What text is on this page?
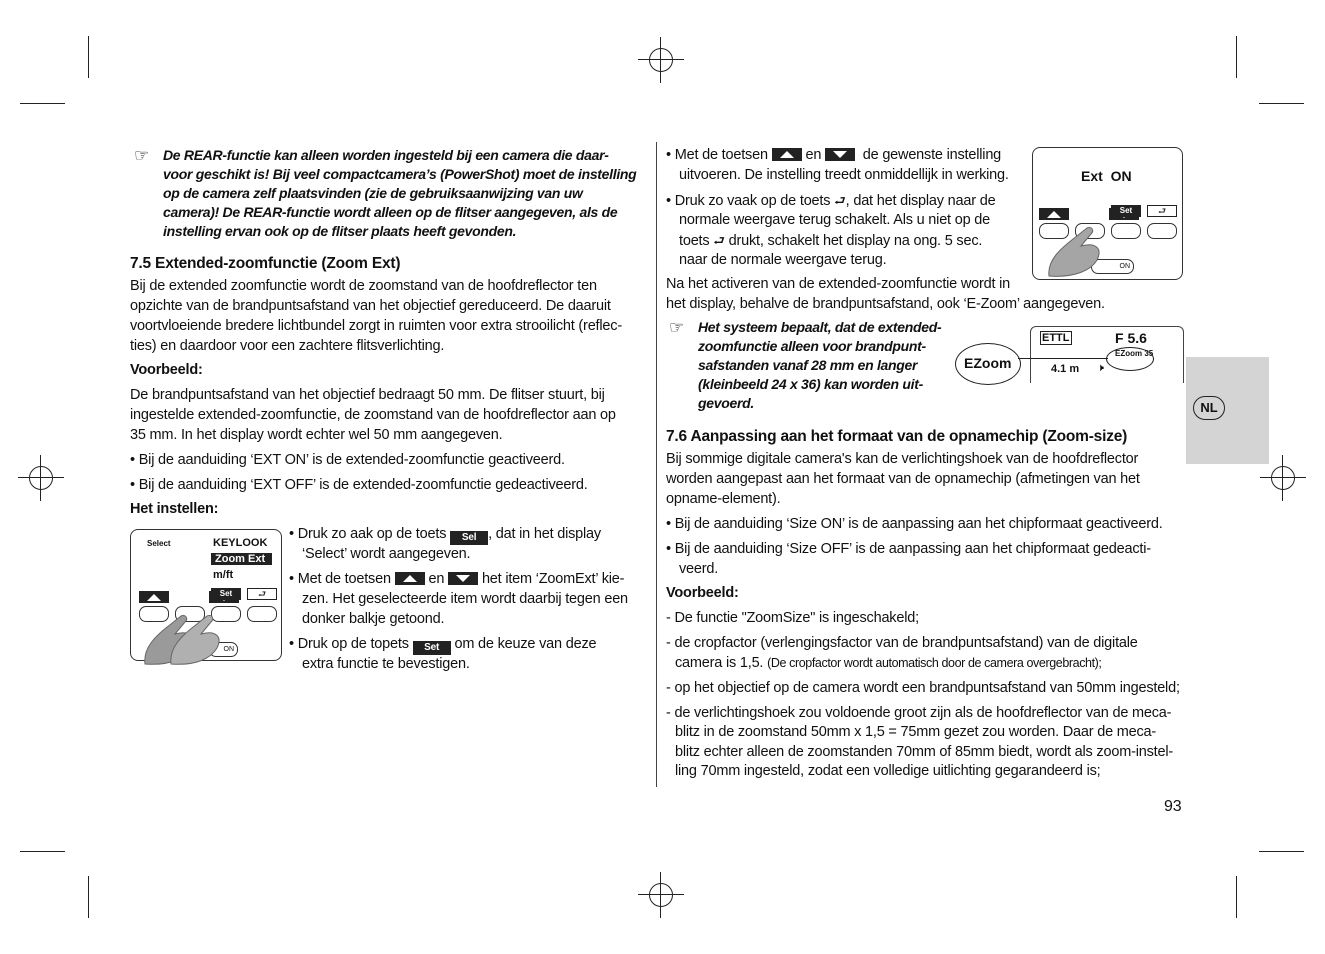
☞ De REAR-functie kan alleen worden ingesteld bij een camera die daar-
voor geschikt is! Bij veel compactcamera’s (PowerShot) moet de instelling
op de camera zelf plaatsvinden (zie de gebruiksaanwijzing van uw
camera)! De REAR-functie wordt alleen op de flitser aangegeven, als de
instelling ervan ook op de flitser plaats heeft gevonden.
7.5 Extended-zoomfunctie (Zoom Ext)
Bij de extended zoomfunctie wordt de zoomstand van de hoofdreflector ten
opzichte van de brandpuntsafstand van het objectief gereduceerd. De daaruit
voortvloeiende bredere lichtbundel zorgt in ruimten voor extra strooilicht (reflec-
ties) en daardoor voor een zachtere flitsverlichting.
Voorbeeld:
De brandpuntsafstand van het objectief bedraagt 50 mm. De flitser stuurt, bij
ingestelde extended-zoomfunctie, de zoomstand van de hoofdreflector aan op
35 mm. In het display wordt echter wel 50 mm aangegeven.
• Bij de aanduiding ‘EXT ON’ is de extended-zoomfunctie geactiveerd.
• Bij de aanduiding ‘EXT OFF’ is de extended-zoomfunctie gedeactiveerd.
Het instellen:
Select	KEYLOOK
Zoom Ext
m/ft

Set	⮐
ON
• Druk zo aak op de toets Sel , dat in het display
‘Select’ wordt aangegeven.
• Met de toetsen	en	het item ‘ZoomExt’ kie-
zen. Het geselecteerde item wordt daarbij tegen een
donker balkje getoond.
• Druk op de topets Set om de keuze van deze
extra functie te bevestigen.
• Met de toetsen	en	de gewenste instelling
uitvoeren. De instelling treedt onmiddellijk in werking.
• Druk zo vaak op de toets ⮐, dat het display naar de
normale weergave terug schakelt. Als u niet op de
toets ⮐ drukt, schakelt het display na ong. 5 sec.
naar de normale weergave terug.
Na het activeren van de extended-zoomfunctie wordt in
het display, behalve de brandpuntsafstand, ook ‘E-Zoom’ aangegeven.
Ext  ON

Set	⮐
ON
☞ Het systeem bepaalt, dat de extended-
zoomfunctie alleen voor brandpunt-
safstanden vanaf 28 mm en langer
(kleinbeeld 24 x 36) kan worden uit-
gevoerd.
ETTL	F 5.6
EZoom 35
4.1 m 🕨
EZoom
7.6 Aanpassing aan het formaat van de opnamechip (Zoom-size)
Bij sommige digitale camera's kan de verlichtingshoek van de hoofdreflector
worden aangepast aan het formaat van de opnamechip (afmetingen van het
opname-element).
• Bij de aanduiding ‘Size ON’ is de aanpassing aan het chipformaat geactiveerd.
• Bij de aanduiding ‘Size OFF’ is de aanpassing aan het chipformaat gedeacti-
veerd.
Voorbeeld:
- De functie "ZoomSize" is ingeschakeld;
- de cropfactor (verlengingsfactor van de brandpuntsafstand) van de digitale
camera is 1,5. (De cropfactor wordt automatisch door de camera overgebracht);
- op het objectief op de camera wordt een brandpuntsafstand van 50mm ingesteld;
- de verlichtingshoek zou voldoende groot zijn als de hoofdreflector van de meca-
blitz in de zoomstand 50mm x 1,5 = 75mm gezet zou worden. Daar de meca-
blitz echter alleen de zoomstanden 70mm of 85mm biedt, wordt als zoom-instel-
ling 70mm ingesteld, zodat een volledige uitlichting gegarandeerd is;
NL
93
